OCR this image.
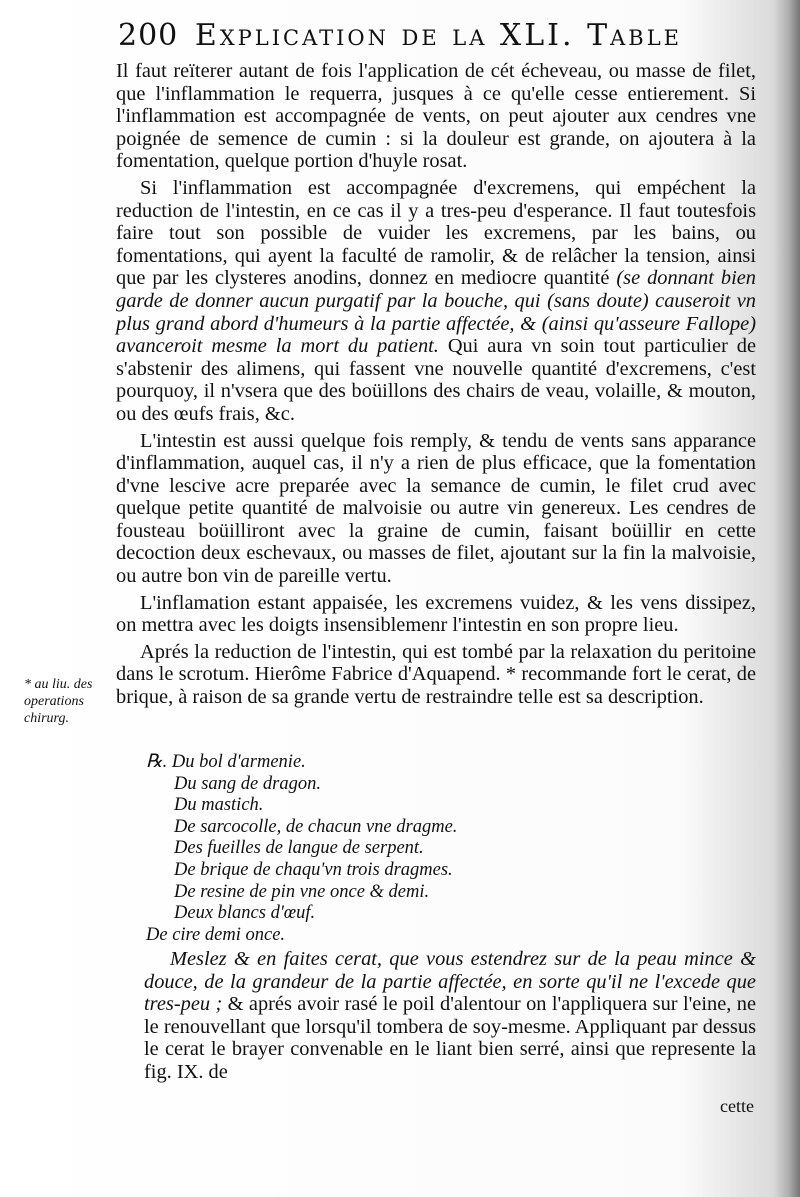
200 Explication de la XLI. Table

Il faut reïterer autant de fois l'application de cét écheveau, ou masse de filet, que l'inflammation le requerra, jusques à ce qu'elle cesse entierement. Si l'inflammation est accompagnée de vents, on peut ajouter aux cendres vne poignée de semence de cumin : si la douleur est grande, on ajoutera à la fomentation, quelque portion d'huyle rosat.

Si l'inflammation est accompagnée d'excremens, qui empéchent la reduction de l'intestin, en ce cas il y a tres-peu d'esperance. Il faut toutesfois faire tout son possible de vuider les excremens, par les bains, ou fomentations, qui ayent la faculté de ramolir, & de relâcher la tension, ainsi que par les clysteres anodins, donnez en mediocre quantité (se donnant bien garde de donner aucun purgatif par la bouche, qui (sans doute) causeroit vn plus grand abord d'humeurs à la partie affectée, & (ainsi qu'asseure Fallope) avanceroit mesme la mort du patient. Qui aura vn soin tout particulier de s'abstenir des alimens, qui fassent vne nouvelle quantité d'excremens, c'est pourquoy, il n'vsera que des boüillons des chairs de veau, volaille, & mouton, ou des œufs frais, &c.

L'intestin est aussi quelque fois remply, & tendu de vents sans apparance d'inflammation, auquel cas, il n'y a rien de plus efficace, que la fomentation d'vne lescive acre preparée avec la semance de cumin, le filet crud avec quelque petite quantité de malvoisie ou autre vin genereux. Les cendres de fousteau boüilliront avec la graine de cumin, faisant boüillir en cette decoction deux eschevaux, ou masses de filet, ajoutant sur la fin la malvoisie, ou autre bon vin de pareille vertu.

L'inflamation estant appaisée, les excremens vuidez, & les vens dissipez, on mettra avec les doigts insensiblemenr l'intestin en son propre lieu.

Aprés la reduction de l'intestin, qui est tombé par la relaxation du peritoine dans le scrotum. Hierôme Fabrice d'Aquapend. * recommande fort le cerat, de brique, à raison de sa grande vertu de restraindre telle est sa description.

* au liu. des operations chirurg.
℞. Du bol d'armenie.
Du sang de dragon.
Du mastich.
De sarcocolle, de chacun vne dragme.
Des fueilles de langue de serpent.
De brique de chaqu'vn trois dragmes.
De resine de pin vne once & demi.
Deux blancs d'œuf.
De cire demi once.

Meslez & en faites cerat, que vous estendrez sur de la peau mince & douce, de la grandeur de la partie affectée, en sorte qu'il ne l'excede que tres-peu ; & aprés avoir rasé le poil d'alentour on l'appliquera sur l'eine, ne le renouvellant que lorsqu'il tombera de soy-mesme. Appliquant par dessus le cerat le brayer convenable en le liant bien serré, ainsi que represente la fig. IX. de

cette
